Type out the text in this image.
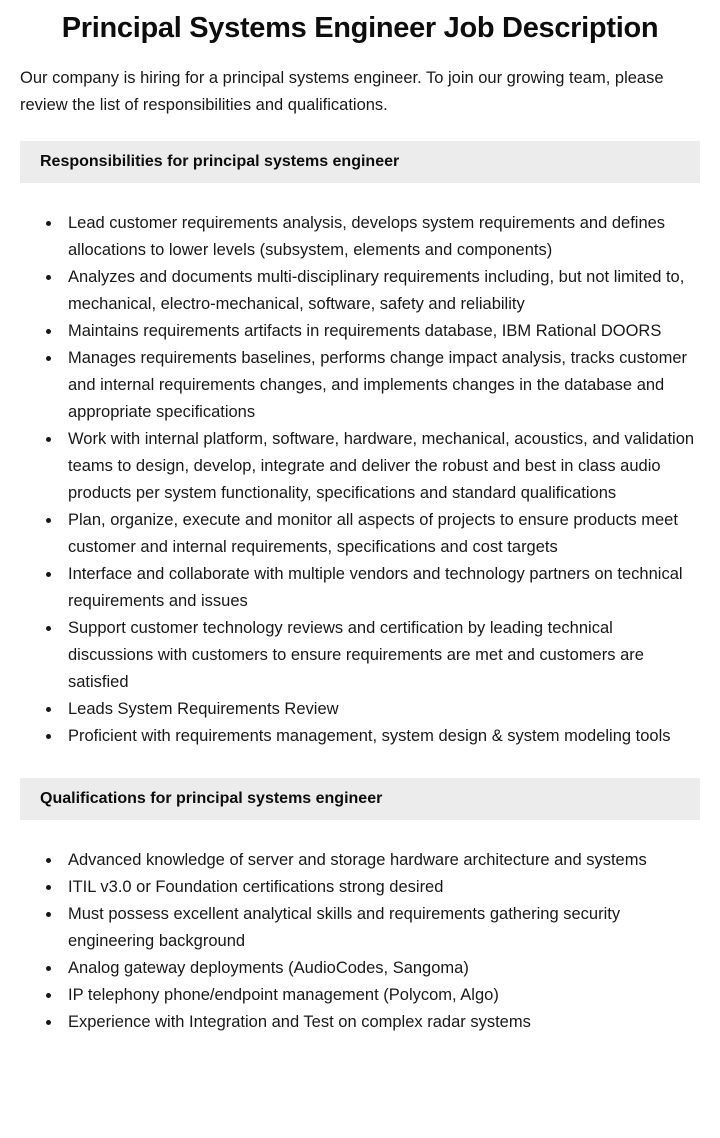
Principal Systems Engineer Job Description

Our company is hiring for a principal systems engineer. To join our growing team, please review the list of responsibilities and qualifications.

Responsibilities for principal systems engineer
• Lead customer requirements analysis, develops system requirements and defines allocations to lower levels (subsystem, elements and components)
• Analyzes and documents multi-disciplinary requirements including, but not limited to, mechanical, electro-mechanical, software, safety and reliability
• Maintains requirements artifacts in requirements database, IBM Rational DOORS
• Manages requirements baselines, performs change impact analysis, tracks customer and internal requirements changes, and implements changes in the database and appropriate specifications
• Work with internal platform, software, hardware, mechanical, acoustics, and validation teams to design, develop, integrate and deliver the robust and best in class audio products per system functionality, specifications and standard qualifications
• Plan, organize, execute and monitor all aspects of projects to ensure products meet customer and internal requirements, specifications and cost targets
• Interface and collaborate with multiple vendors and technology partners on technical requirements and issues
• Support customer technology reviews and certification by leading technical discussions with customers to ensure requirements are met and customers are satisfied
• Leads System Requirements Review
• Proficient with requirements management, system design & system modeling tools
Qualifications for principal systems engineer
• Advanced knowledge of server and storage hardware architecture and systems
• ITIL v3.0 or Foundation certifications strong desired
• Must possess excellent analytical skills and requirements gathering security engineering background
• Analog gateway deployments (AudioCodes, Sangoma)
• IP telephony phone/endpoint management (Polycom, Algo)
• Experience with Integration and Test on complex radar systems
